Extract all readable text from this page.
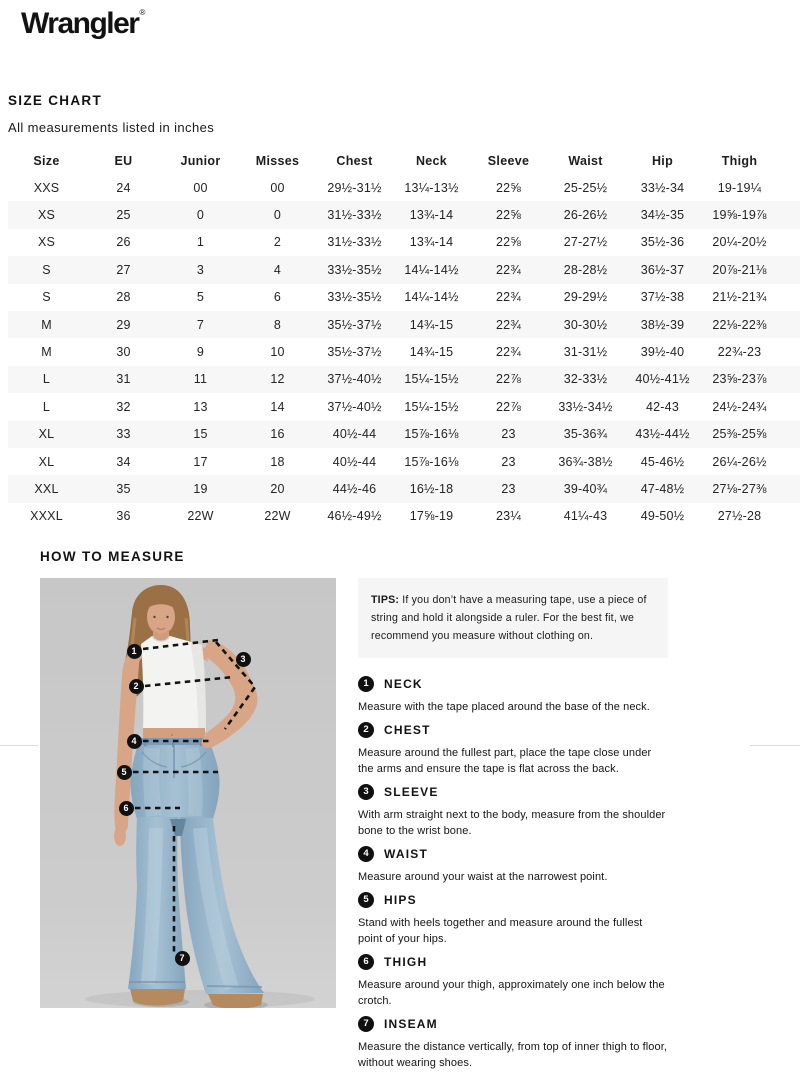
Wrangler®
SIZE CHART
All measurements listed in inches
Size	EU	Junior	Misses	Chest	Neck	Sleeve	Waist	Hip	Thigh	
XXS	24	00	00	29½-31½	13¼-13½	22⅝	25-25½	33½-34	19-19¼	
XS	25	0	0	31½-33½	13¾-14	22⅝	26-26½	34½-35	19⅝-19⅞	
XS	26	1	2	31½-33½	13¾-14	22⅝	27-27½	35½-36	20¼-20½	
S	27	3	4	33½-35½	14¼-14½	22¾	28-28½	36½-37	20⅞-21⅛	
S	28	5	6	33½-35½	14¼-14½	22¾	29-29½	37½-38	21½-21¾	
M	29	7	8	35½-37½	14¾-15	22¾	30-30½	38½-39	22⅛-22⅜	
M	30	9	10	35½-37½	14¾-15	22¾	31-31½	39½-40	22¾-23	
L	31	11	12	37½-40½	15¼-15½	22⅞	32-33½	40½-41½	23⅝-23⅞	
L	32	13	14	37½-40½	15¼-15½	22⅞	33½-34½	42-43	24½-24¾	
XL	33	15	16	40½-44	15⅞-16⅛	23	35-36¾	43½-44½	25⅜-25⅝	
XL	34	17	18	40½-44	15⅞-16⅛	23	36¾-38½	45-46½	26¼-26½	
XXL	35	19	20	44½-46	16½-18	23	39-40¾	47-48½	27⅛-27⅜	
XXXL	36	22W	22W	46½-49½	17⅝-19	23¼	41¼-43	49-50½	27½-28	
HOW TO MEASURE
1
2
3
4
5
6
7
TIPS: If you don’t have a measuring tape, use a piece of string and hold it alongside a ruler. For the best fit, we recommend you measure without clothing on.
1	NECK

Measure with the tape placed around the base of the neck.

2	CHEST

Measure around the fullest part, place the tape close under the arms and ensure the tape is flat across the back.

3	SLEEVE

With arm straight next to the body, measure from the shoulder bone to the wrist bone.

4	WAIST

Measure around your waist at the narrowest point.

5	HIPS

Stand with heels together and measure around the fullest point of your hips.

6	THIGH

Measure around your thigh, approximately one inch below the crotch.

7	INSEAM

Measure the distance vertically, from top of inner thigh to floor, without wearing shoes.
